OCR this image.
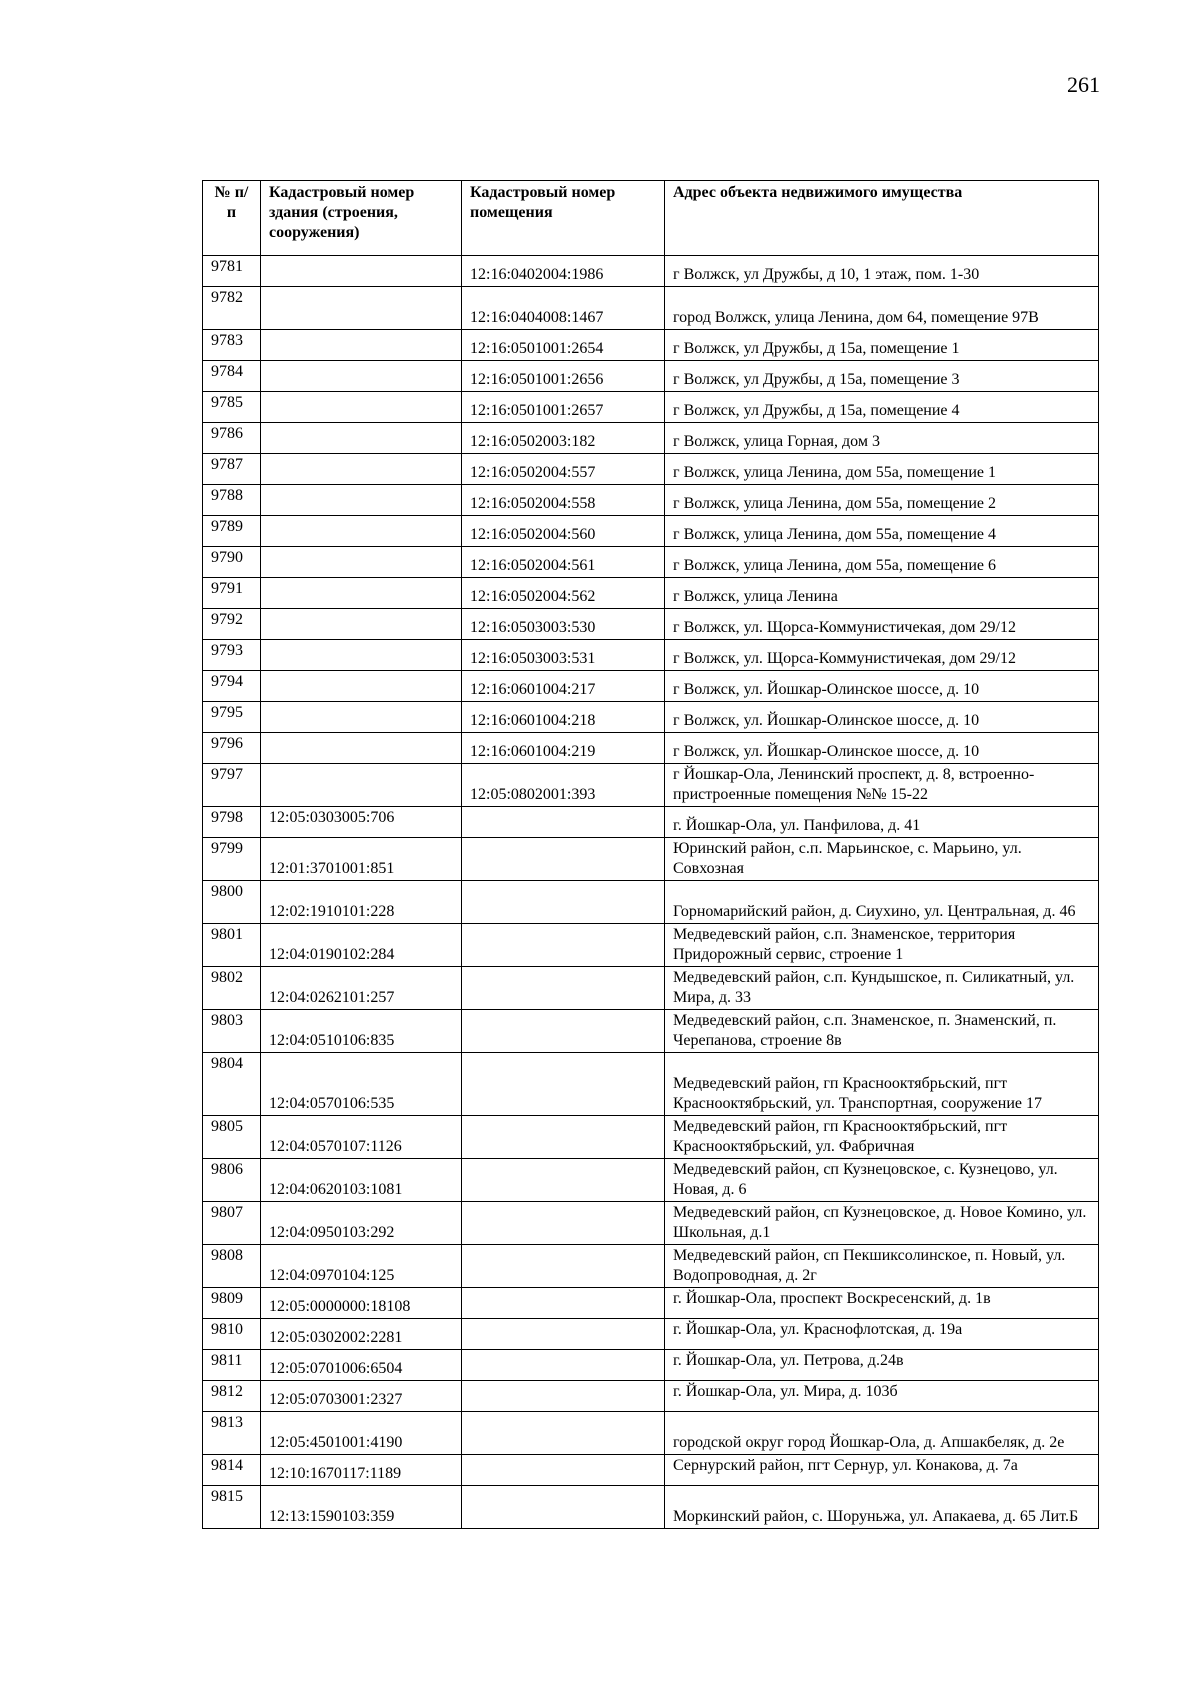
261
№ п/п	Кадастровый номер здания (строения, сооружения)	Кадастровый номер помещения	Адрес объекта недвижимого имущества
9781		12:16:0402004:1986	г Волжск, ул Дружбы, д 10, 1 этаж, пом. 1-30
9782		12:16:0404008:1467	город Волжск, улица Ленина, дом 64, помещение 97В
9783		12:16:0501001:2654	г Волжск, ул Дружбы, д 15а, помещение 1
9784		12:16:0501001:2656	г Волжск, ул Дружбы, д 15а, помещение 3
9785		12:16:0501001:2657	г Волжск, ул Дружбы, д 15а, помещение 4
9786		12:16:0502003:182	г Волжск, улица Горная, дом 3
9787		12:16:0502004:557	г Волжск, улица Ленина, дом 55а, помещение 1
9788		12:16:0502004:558	г Волжск, улица Ленина, дом 55а, помещение 2
9789		12:16:0502004:560	г Волжск, улица Ленина, дом 55а, помещение 4
9790		12:16:0502004:561	г Волжск, улица Ленина, дом 55а, помещение 6
9791		12:16:0502004:562	г Волжск, улица Ленина
9792		12:16:0503003:530	г Волжск, ул. Щорса-Коммунистичекая, дом 29/12
9793		12:16:0503003:531	г Волжск, ул. Щорса-Коммунистичекая, дом 29/12
9794		12:16:0601004:217	г Волжск, ул. Йошкар-Олинское шоссе, д. 10
9795		12:16:0601004:218	г Волжск, ул. Йошкар-Олинское шоссе, д. 10
9796		12:16:0601004:219	г Волжск, ул. Йошкар-Олинское шоссе, д. 10
9797		12:05:0802001:393	г Йошкар-Ола, Ленинский проспект, д. 8, встроенно-пристроенные помещения №№ 15-22
9798	12:05:0303005:706		г. Йошкар-Ола, ул. Панфилова, д. 41
9799	12:01:3701001:851		Юринский район, с.п. Марьинское, с. Марьино, ул. Совхозная
9800	12:02:1910101:228		Горномарийский район, д. Сиухино, ул. Центральная, д. 46
9801	12:04:0190102:284		Медведевский район, с.п. Знаменское, территория Придорожный сервис, строение 1
9802	12:04:0262101:257		Медведевский район, с.п. Кундышское, п. Силикатный, ул. Мира, д. 33
9803	12:04:0510106:835		Медведевский район, с.п. Знаменское, п. Знаменский, п. Черепанова, строение 8в
9804	12:04:0570106:535		Медведевский район, гп Краснооктябрьский, пгт Краснооктябрьский, ул. Транспортная, сооружение 17
9805	12:04:0570107:1126		Медведевский район, гп Краснооктябрьский, пгт Краснооктябрьский, ул. Фабричная
9806	12:04:0620103:1081		Медведевский район, сп Кузнецовское, с. Кузнецово, ул. Новая, д. 6
9807	12:04:0950103:292		Медведевский район, сп Кузнецовское, д. Новое Комино, ул. Школьная, д.1
9808	12:04:0970104:125		Медведевский район, сп Пекшиксолинское, п. Новый, ул. Водопроводная, д. 2г
9809	12:05:0000000:18108		г. Йошкар-Ола, проспект Воскресенский, д. 1в
9810	12:05:0302002:2281		г. Йошкар-Ола, ул. Краснофлотская, д. 19а
9811	12:05:0701006:6504		г. Йошкар-Ола, ул. Петрова, д.24в
9812	12:05:0703001:2327		г. Йошкар-Ола, ул. Мира, д. 103б
9813	12:05:4501001:4190		городской округ город Йошкар-Ола, д. Апшакбеляк, д. 2е
9814	12:10:1670117:1189		Сернурский район, пгт Сернур, ул. Конакова, д. 7а
9815	12:13:1590103:359		Моркинский район, с. Шоруньжа, ул. Апакаева, д. 65 Лит.Б
